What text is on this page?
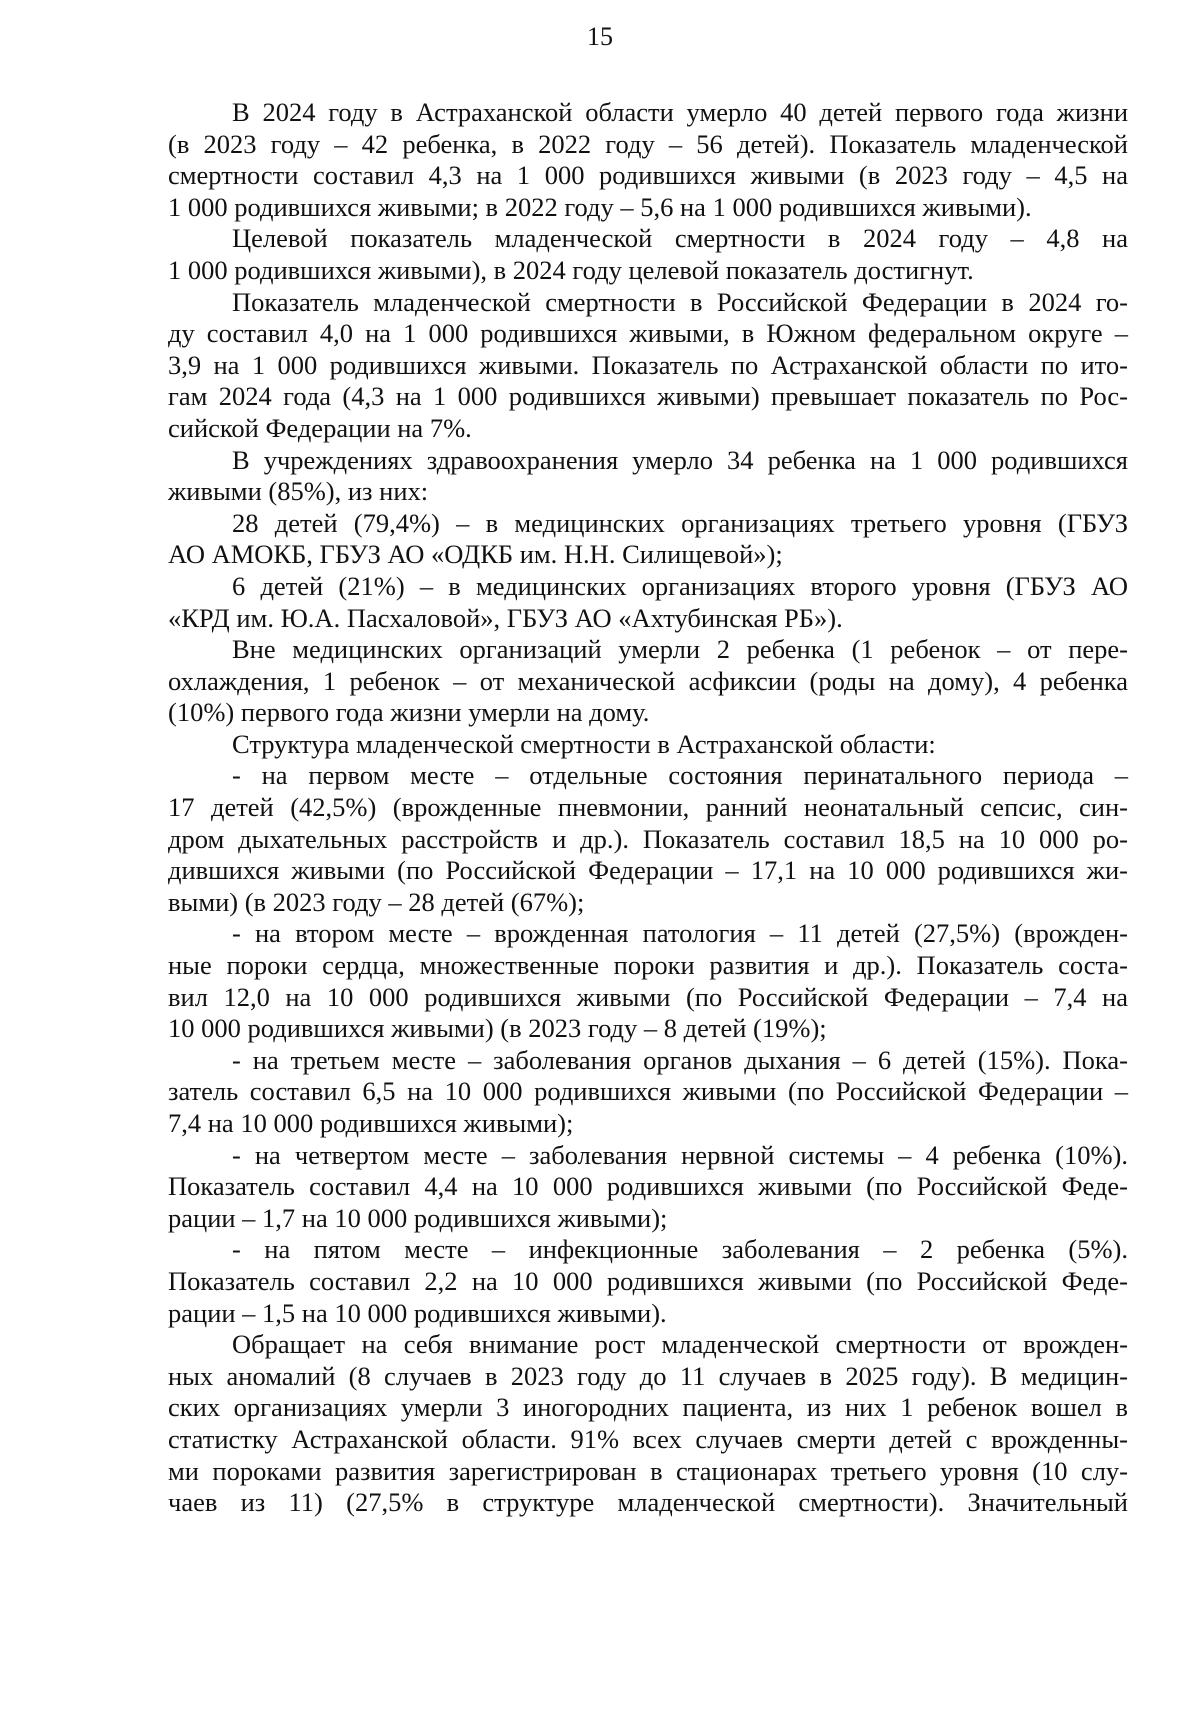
15
В 2024 году в Астраханской области умерло 40 детей первого года жизни
(в 2023 году – 42 ребенка, в 2022 году – 56 детей). Показатель младенческой
смертности составил 4,3 на 1 000 родившихся живыми (в 2023 году – 4,5 на
1 000 родившихся живыми; в 2022 году – 5,6 на 1 000 родившихся живыми).
Целевой показатель младенческой смертности в 2024 году – 4,8 на
1 000 родившихся живыми), в 2024 году целевой показатель достигнут.
Показатель младенческой смертности в Российской Федерации в 2024 го-
ду составил 4,0 на 1 000 родившихся живыми, в Южном федеральном округе –
3,9 на 1 000 родившихся живыми. Показатель по Астраханской области по ито-
гам 2024 года (4,3 на 1 000 родившихся живыми) превышает показатель по Рос-
сийской Федерации на 7%.
В учреждениях здравоохранения умерло 34 ребенка на 1 000 родившихся
живыми (85%), из них:
28 детей (79,4%) – в медицинских организациях третьего уровня (ГБУЗ
АО АМОКБ, ГБУЗ АО «ОДКБ им. Н.Н. Силищевой»);
6 детей (21%) – в медицинских организациях второго уровня (ГБУЗ АО
«КРД им. Ю.А. Пасхаловой», ГБУЗ АО «Ахтубинская РБ»).
Вне медицинских организаций умерли 2 ребенка (1 ребенок – от пере-
охлаждения, 1 ребенок – от механической асфиксии (роды на дому), 4 ребенка
(10%) первого года жизни умерли на дому.
Структура младенческой смертности в Астраханской области:
- на первом месте – отдельные состояния перинатального периода –
17 детей (42,5%) (врожденные пневмонии, ранний неонатальный сепсис, син-
дром дыхательных расстройств и др.). Показатель составил 18,5 на 10 000 ро-
дившихся живыми (по Российской Федерации – 17,1 на 10 000 родившихся жи-
выми) (в 2023 году – 28 детей (67%);
- на втором месте – врожденная патология – 11 детей (27,5%) (врожден-
ные пороки сердца, множественные пороки развития и др.). Показатель соста-
вил 12,0 на 10 000 родившихся живыми (по Российской Федерации – 7,4 на
10 000 родившихся живыми) (в 2023 году – 8 детей (19%);
- на третьем месте – заболевания органов дыхания – 6 детей (15%). Пока-
затель составил 6,5 на 10 000 родившихся живыми (по Российской Федерации –
7,4 на 10 000 родившихся живыми);
- на четвертом месте – заболевания нервной системы – 4 ребенка (10%).
Показатель составил 4,4 на 10 000 родившихся живыми (по Российской Феде-
рации – 1,7 на 10 000 родившихся живыми);
- на пятом месте – инфекционные заболевания – 2 ребенка (5%).
Показатель составил 2,2 на 10 000 родившихся живыми (по Российской Феде-
рации – 1,5 на 10 000 родившихся живыми).
Обращает на себя внимание рост младенческой смертности от врожден-
ных аномалий (8 случаев в 2023 году до 11 случаев в 2025 году). В медицин-
ских организациях умерли 3 иногородних пациента, из них 1 ребенок вошел в
статистку Астраханской области. 91% всех случаев смерти детей с врожденны-
ми пороками развития зарегистрирован в стационарах третьего уровня (10 слу-
чаев из 11) (27,5% в структуре младенческой смертности). Значительный
